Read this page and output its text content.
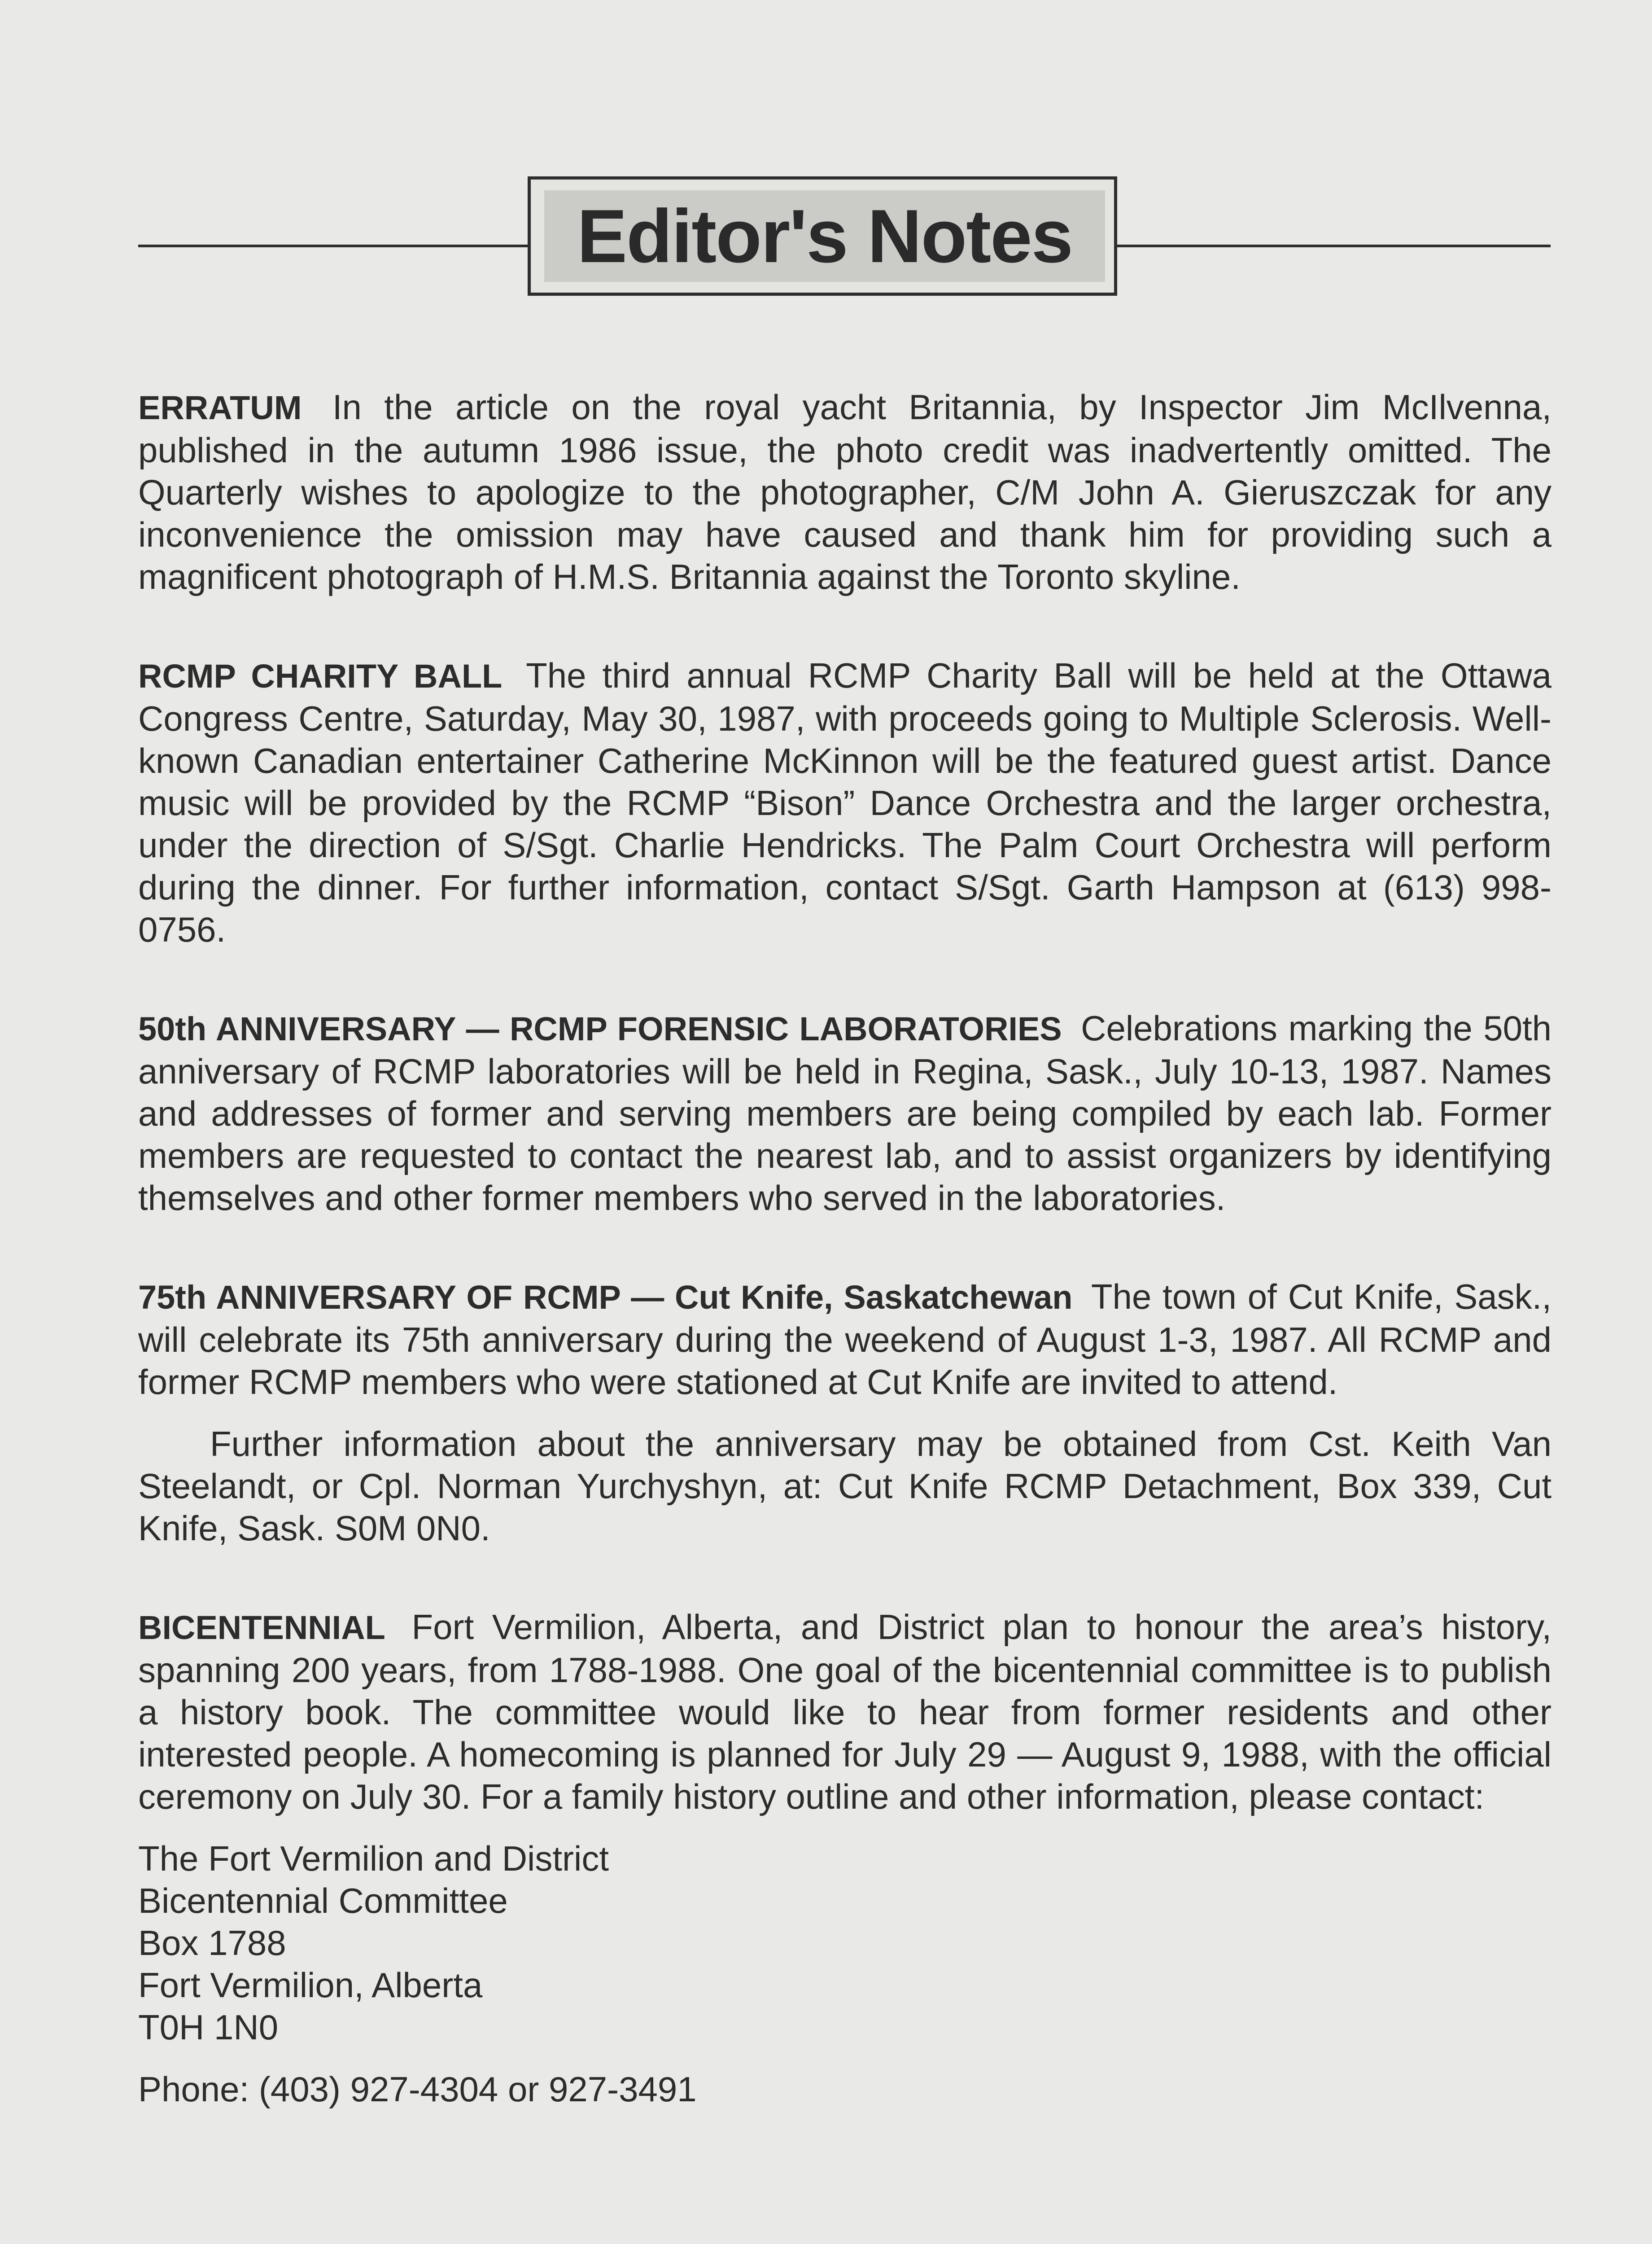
Editor's Notes

ERRATUM In the article on the royal yacht Britannia, by Inspector Jim McIlvenna, published in the autumn 1986 issue, the photo credit was inadvertently omitted. The Quarterly wishes to apologize to the photographer, C/M John A. Gieruszczak for any inconvenience the omission may have caused and thank him for providing such a magnificent photograph of H.M.S. Britannia against the Toronto skyline.

RCMP CHARITY BALL The third annual RCMP Charity Ball will be held at the Ottawa Congress Centre, Saturday, May 30, 1987, with proceeds going to Multiple Sclerosis. Well-known Canadian entertainer Catherine McKinnon will be the featured guest artist. Dance music will be provided by the RCMP “Bison” Dance Orchestra and the larger orchestra, under the direction of S/Sgt. Charlie Hendricks. The Palm Court Orchestra will perform during the dinner. For further information, contact S/Sgt. Garth Hampson at (613) 998-0756.

50th ANNIVERSARY — RCMP FORENSIC LABORATORIES Celebrations marking the 50th anniversary of RCMP laboratories will be held in Regina, Sask., July 10-13, 1987. Names and addresses of former and serving members are being compiled by each lab. Former members are requested to contact the nearest lab, and to assist organizers by identifying themselves and other former members who served in the laboratories.

75th ANNIVERSARY OF RCMP — Cut Knife, Saskatchewan The town of Cut Knife, Sask., will celebrate its 75th anniversary during the weekend of August 1-3, 1987. All RCMP and former RCMP members who were stationed at Cut Knife are invited to attend.

Further information about the anniversary may be obtained from Cst. Keith Van Steelandt, or Cpl. Norman Yurchyshyn, at: Cut Knife RCMP Detachment, Box 339, Cut Knife, Sask. S0M 0N0.

BICENTENNIAL Fort Vermilion, Alberta, and District plan to honour the area’s history, spanning 200 years, from 1788-1988. One goal of the bicentennial committee is to publish a history book. The committee would like to hear from former residents and other interested people. A homecoming is planned for July 29 — August 9, 1988, with the official ceremony on July 30. For a family history outline and other information, please contact:

The Fort Vermilion and District
Bicentennial Committee
Box 1788
Fort Vermilion, Alberta
T0H 1N0

Phone: (403) 927-4304 or 927-3491
